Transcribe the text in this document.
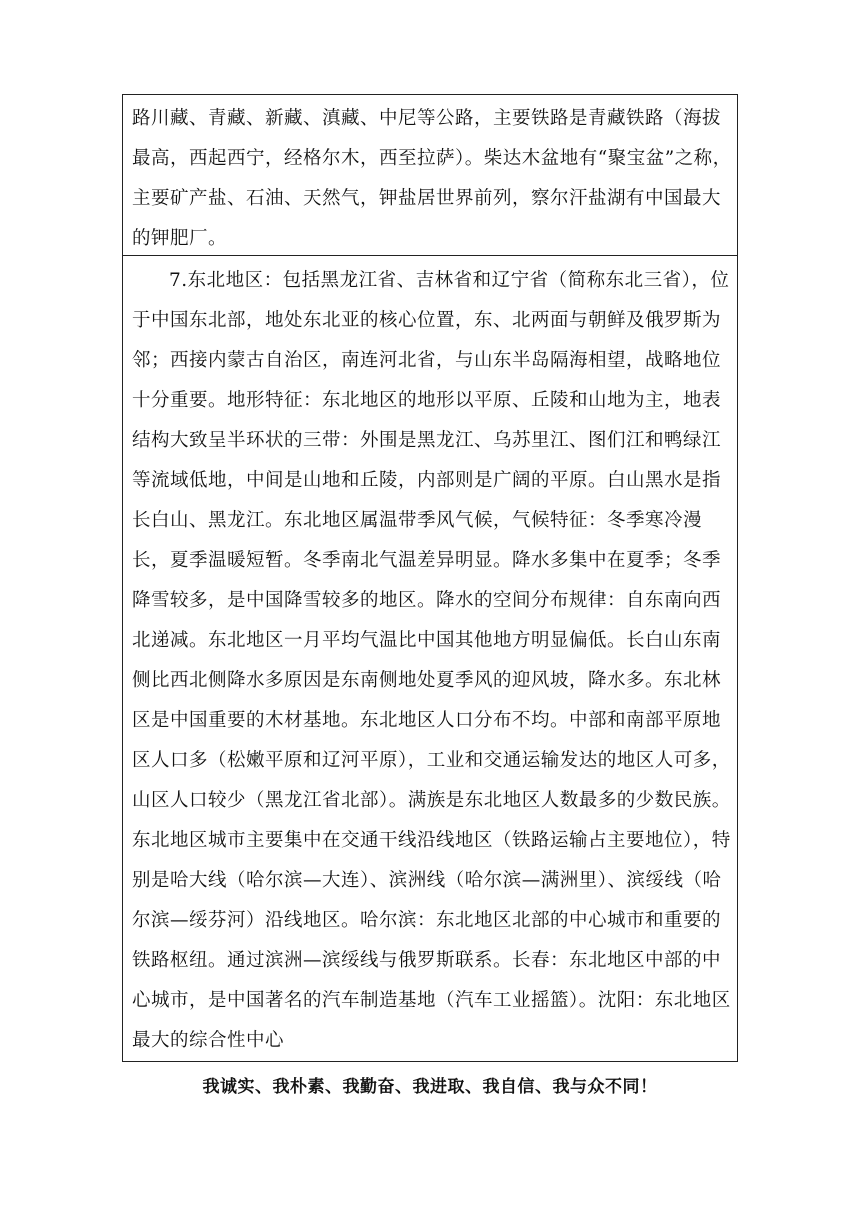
路川藏、青藏、新藏、滇藏、中尼等公路，主要铁路是青藏铁路（海拔最高，西起西宁，经格尔木，西至拉萨）。柴达木盆地有“聚宝盆”之称，主要矿产盐、石油、天然气，钾盐居世界前列，察尔汗盐湖有中国最大的钾肥厂。
7.东北地区：包括黑龙江省、吉林省和辽宁省（简称东北三省），位于中国东北部，地处东北亚的核心位置，东、北两面与朝鲜及俄罗斯为邻；西接内蒙古自治区，南连河北省，与山东半岛隔海相望，战略地位十分重要。地形特征：东北地区的地形以平原、丘陵和山地为主，地表结构大致呈半环状的三带：外围是黑龙江、乌苏里江、图们江和鸭绿江等流域低地，中间是山地和丘陵，内部则是广阔的平原。白山黑水是指长白山、黑龙江。东北地区属温带季风气候，气候特征：冬季寒冷漫长，夏季温暖短暂。冬季南北气温差异明显。降水多集中在夏季；冬季降雪较多，是中国降雪较多的地区。降水的空间分布规律：自东南向西北递减。东北地区一月平均气温比中国其他地方明显偏低。长白山东南侧比西北侧降水多原因是东南侧地处夏季风的迎风坡，降水多。东北林区是中国重要的木材基地。东北地区人口分布不均。中部和南部平原地区人口多（松嫩平原和辽河平原），工业和交通运输发达的地区人可多，山区人口较少（黑龙江省北部）。满族是东北地区人数最多的少数民族。东北地区城市主要集中在交通干线沿线地区（铁路运输占主要地位），特别是哈大线（哈尔滨—大连）、滨洲线（哈尔滨—满洲里）、滨绥线（哈尔滨—绥芬河）沿线地区。哈尔滨：东北地区北部的中心城市和重要的铁路枢纽。通过滨洲—滨绥线与俄罗斯联系。长春：东北地区中部的中心城市，是中国著名的汽车制造基地（汽车工业摇篮）。沈阳：东北地区最大的综合性中心
我诚实、我朴素、我勤奋、我进取、我自信、我与众不同！
